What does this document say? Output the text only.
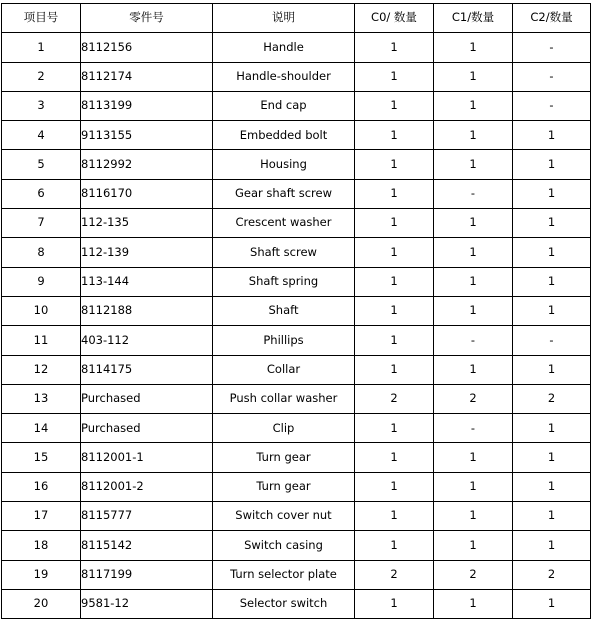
项目号	零件号	说明	C0/ 数量	C1/数量	C2/数量
1	8112156	Handle	1	1	-
2	8112174	Handle-shoulder	1	1	-
3	8113199	End cap	1	1	-
4	9113155	Embedded bolt	1	1	1
5	8112992	Housing	1	1	1
6	8116170	Gear shaft screw	1	-	1
7	112-135	Crescent washer	1	1	1
8	112-139	Shaft screw	1	1	1
9	113-144	Shaft spring	1	1	1
10	8112188	Shaft	1	1	1
11	403-112	Phillips	1	-	-
12	8114175	Collar	1	1	1
13	Purchased	Push collar washer	2	2	2
14	Purchased	Clip	1	-	1
15	8112001-1	Turn gear	1	1	1
16	8112001-2	Turn gear	1	1	1
17	8115777	Switch cover nut	1	1	1
18	8115142	Switch casing	1	1	1
19	8117199	Turn selector plate	2	2	2
20	9581-12	Selector switch	1	1	1
